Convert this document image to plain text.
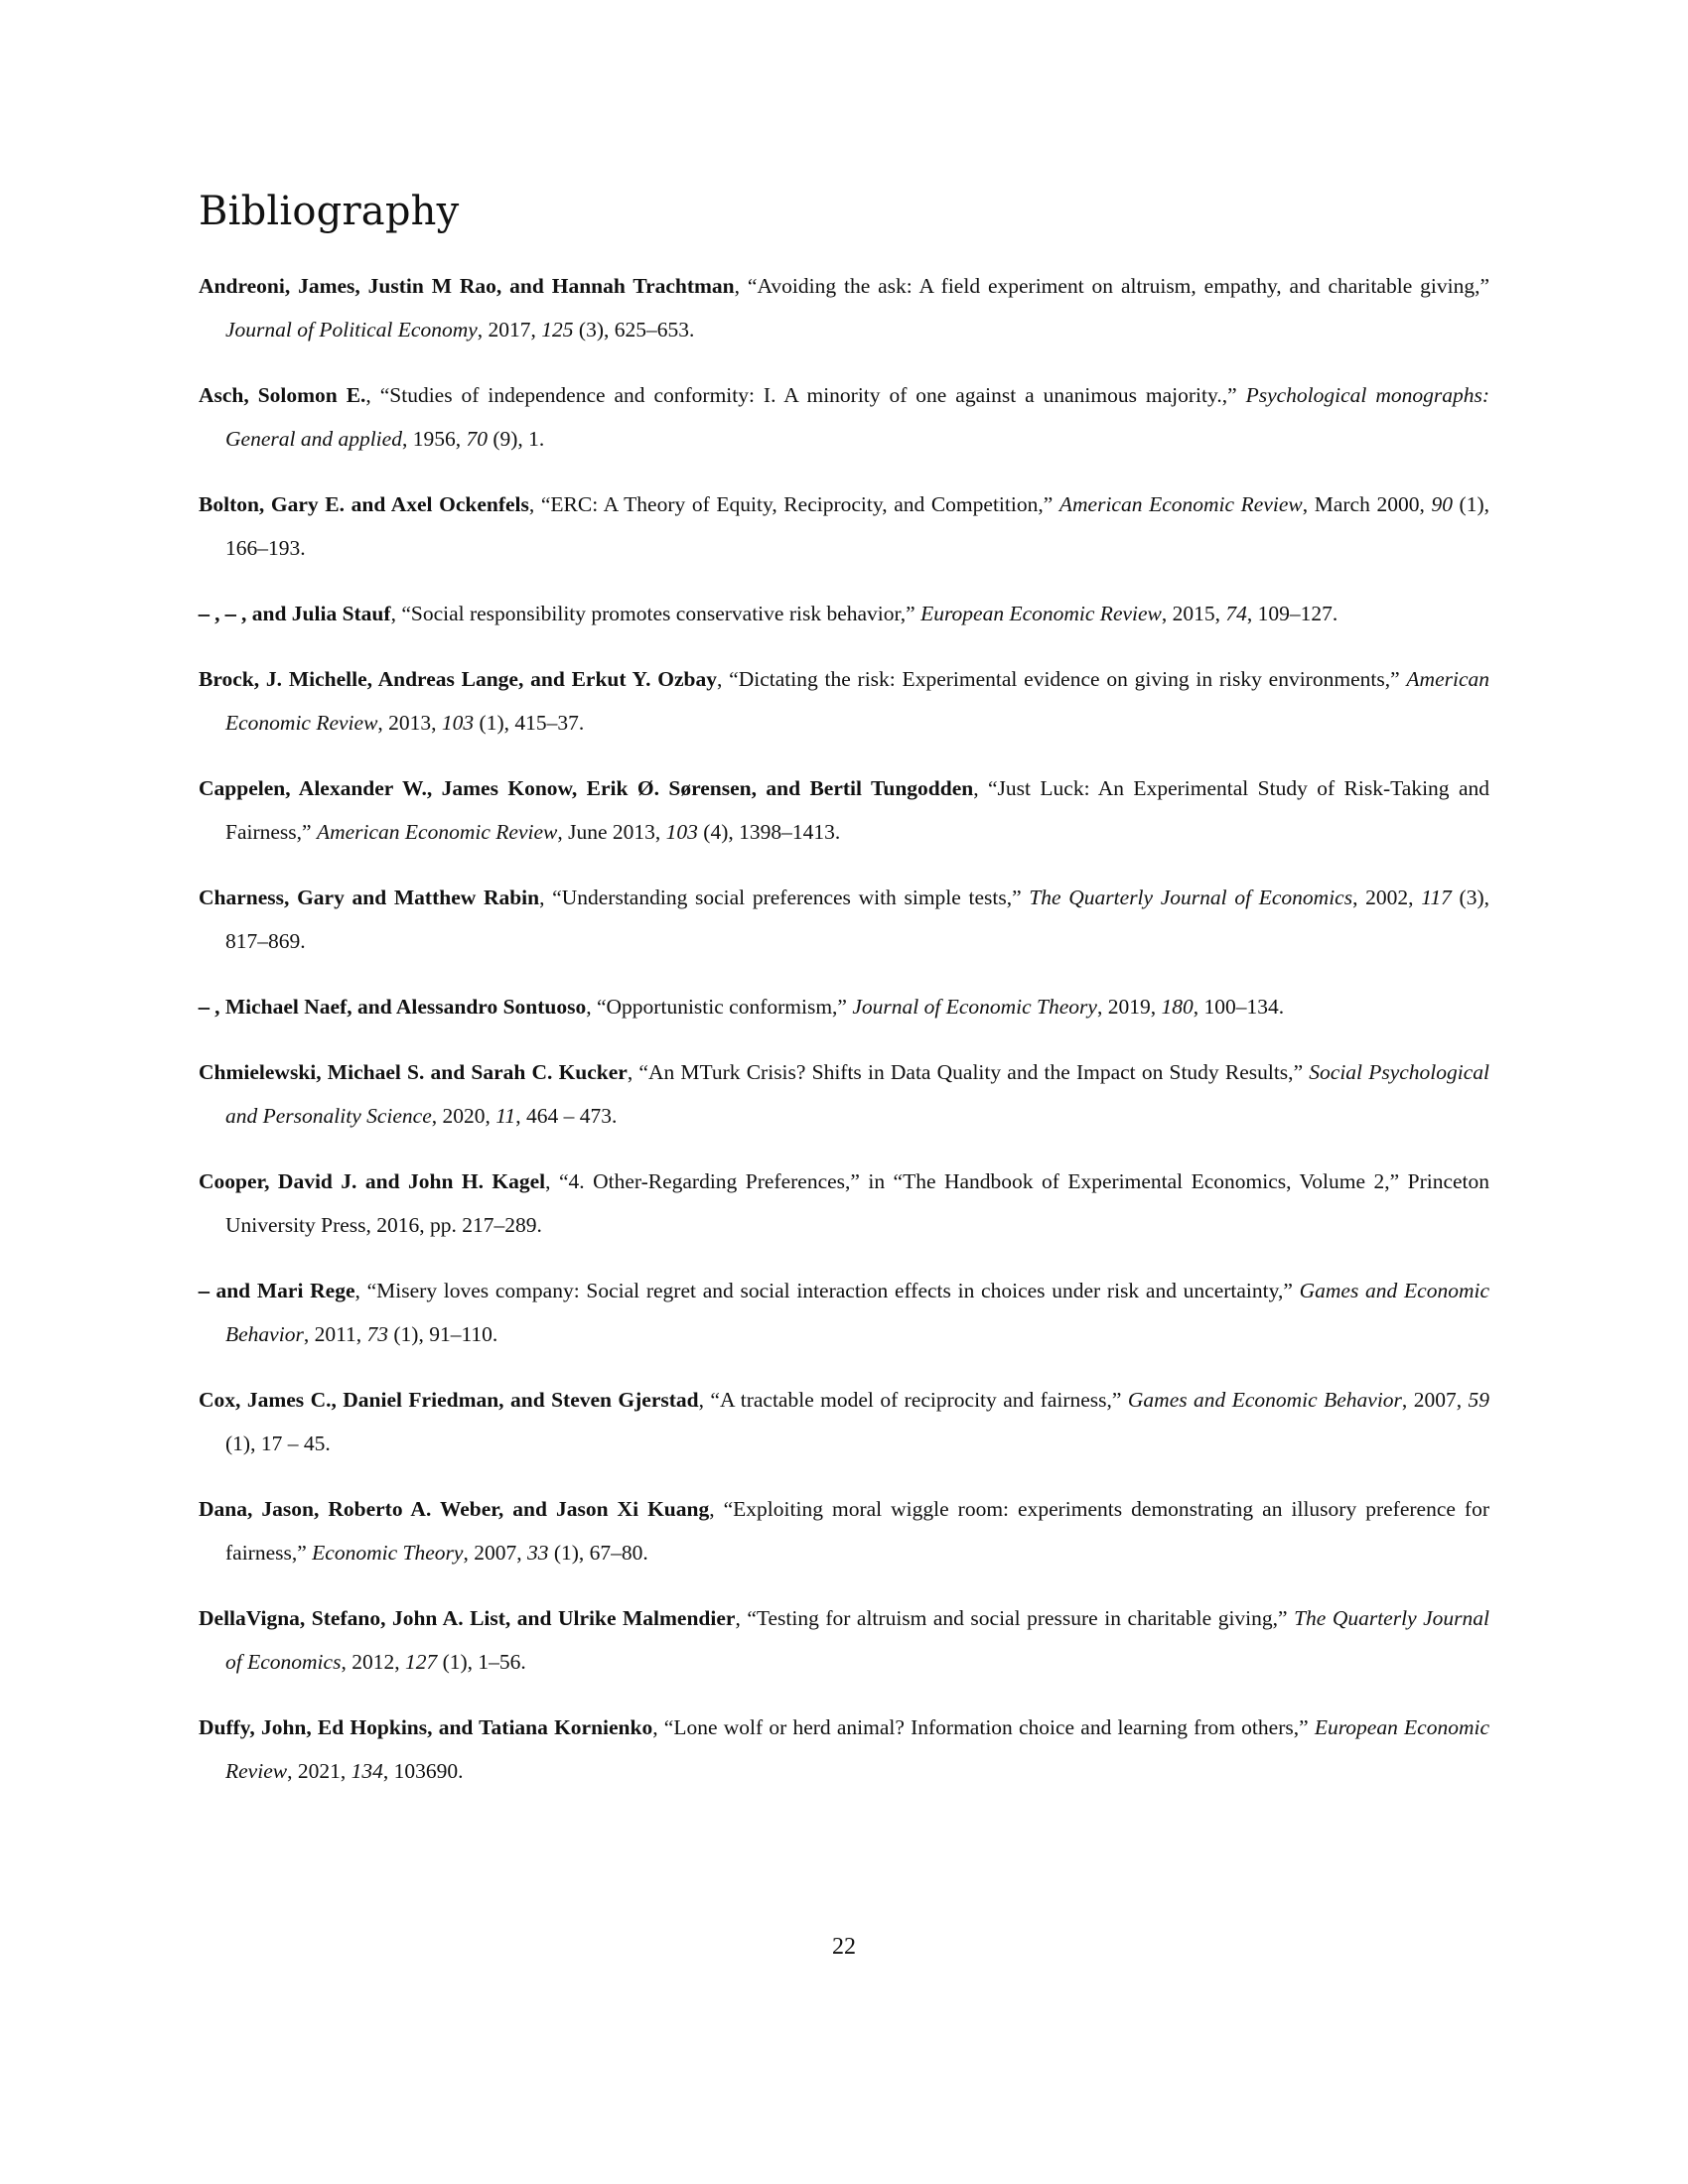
Bibliography

Andreoni, James, Justin M Rao, and Hannah Trachtman, “Avoiding the ask: A field experiment on altruism, empathy, and charitable giving,” Journal of Political Economy, 2017, 125 (3), 625–653.

Asch, Solomon E., “Studies of independence and conformity: I. A minority of one against a unanimous majority.,” Psychological monographs: General and applied, 1956, 70 (9), 1.

Bolton, Gary E. and Axel Ockenfels, “ERC: A Theory of Equity, Reciprocity, and Competition,” American Economic Review, March 2000, 90 (1), 166–193.

⎯ , ⎯ , and Julia Stauf, “Social responsibility promotes conservative risk behavior,” European Economic Review, 2015, 74, 109–127.

Brock, J. Michelle, Andreas Lange, and Erkut Y. Ozbay, “Dictating the risk: Experimental evidence on giving in risky environments,” American Economic Review, 2013, 103 (1), 415–37.

Cappelen, Alexander W., James Konow, Erik Ø. Sørensen, and Bertil Tungodden, “Just Luck: An Experimental Study of Risk-Taking and Fairness,” American Economic Review, June 2013, 103 (4), 1398–1413.

Charness, Gary and Matthew Rabin, “Understanding social preferences with simple tests,” The Quarterly Journal of Economics, 2002, 117 (3), 817–869.

⎯ , Michael Naef, and Alessandro Sontuoso, “Opportunistic conformism,” Journal of Economic Theory, 2019, 180, 100–134.

Chmielewski, Michael S. and Sarah C. Kucker, “An MTurk Crisis? Shifts in Data Quality and the Impact on Study Results,” Social Psychological and Personality Science, 2020, 11, 464 – 473.

Cooper, David J. and John H. Kagel, “4. Other-Regarding Preferences,” in “The Handbook of Experimental Economics, Volume 2,” Princeton University Press, 2016, pp. 217–289.

⎯ and Mari Rege, “Misery loves company: Social regret and social interaction effects in choices under risk and uncertainty,” Games and Economic Behavior, 2011, 73 (1), 91–110.

Cox, James C., Daniel Friedman, and Steven Gjerstad, “A tractable model of reciprocity and fairness,” Games and Economic Behavior, 2007, 59 (1), 17 – 45.

Dana, Jason, Roberto A. Weber, and Jason Xi Kuang, “Exploiting moral wiggle room: experiments demonstrating an illusory preference for fairness,” Economic Theory, 2007, 33 (1), 67–80.

DellaVigna, Stefano, John A. List, and Ulrike Malmendier, “Testing for altruism and social pressure in charitable giving,” The Quarterly Journal of Economics, 2012, 127 (1), 1–56.

Duffy, John, Ed Hopkins, and Tatiana Kornienko, “Lone wolf or herd animal? Information choice and learning from others,” European Economic Review, 2021, 134, 103690.

22
